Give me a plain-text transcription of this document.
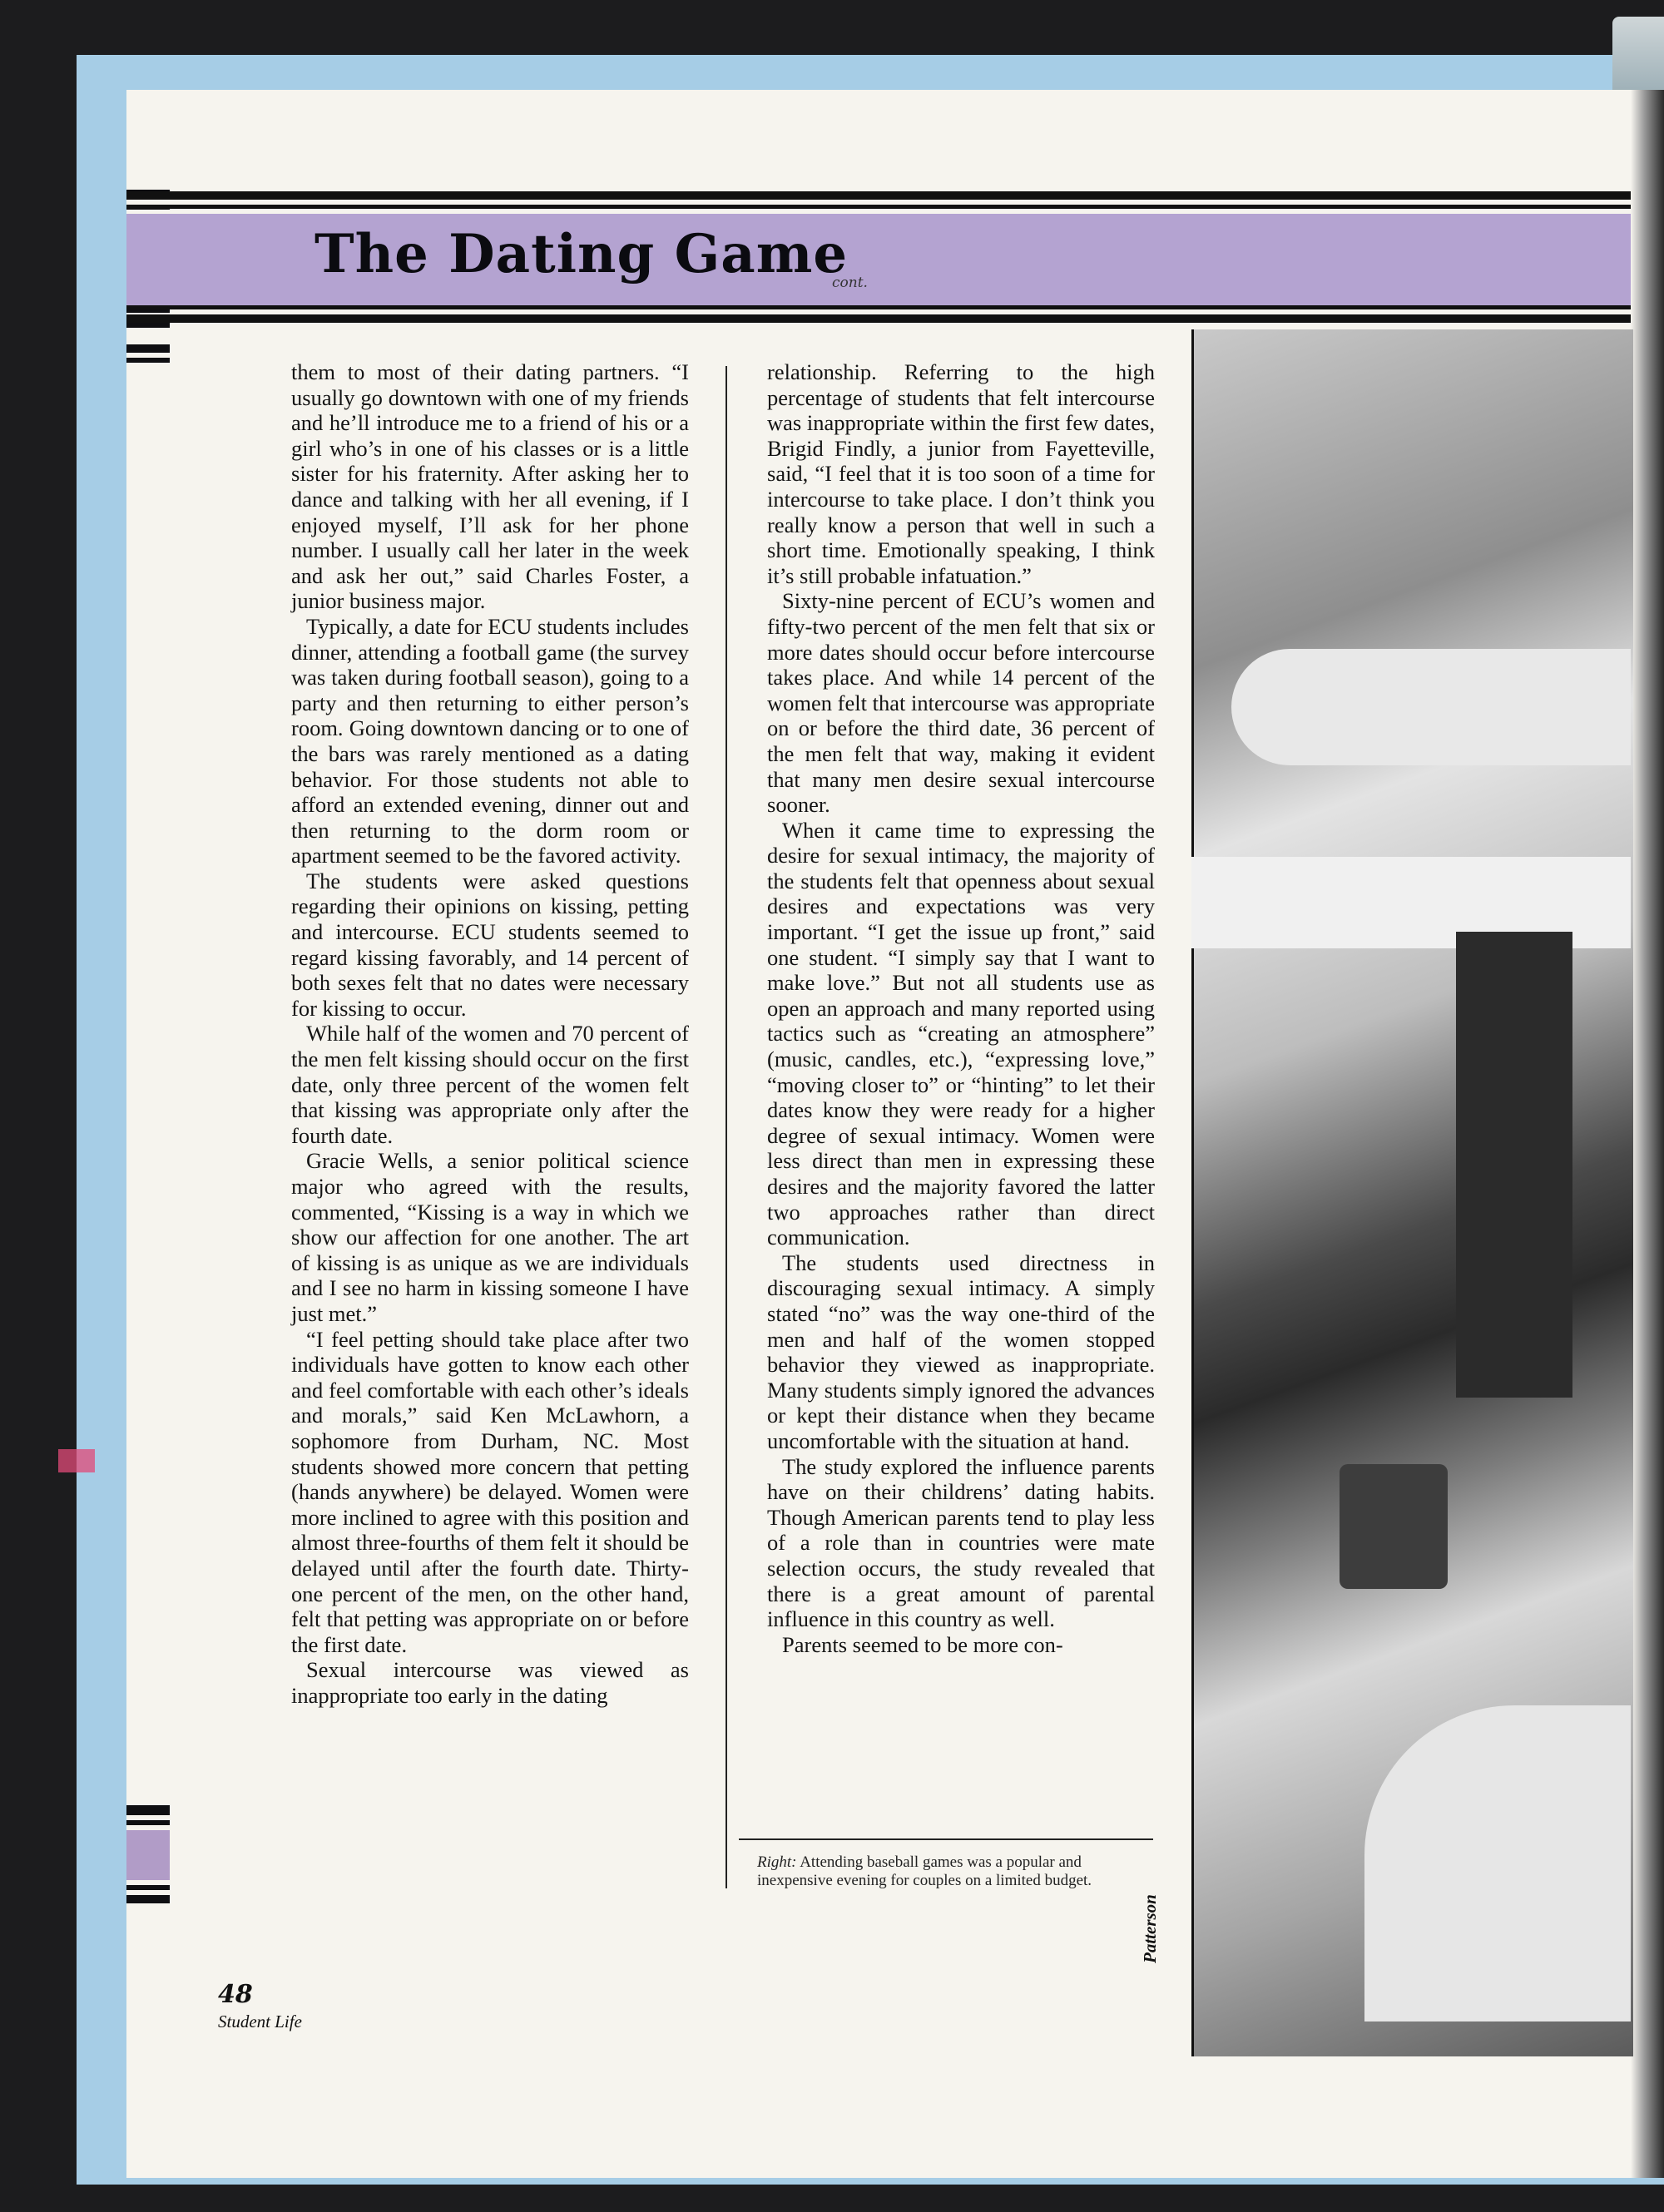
The Dating Game
cont.

them to most of their dating partners. “I usually go downtown with one of my friends and he’ll introduce me to a friend of his or a girl who’s in one of his classes or is a little sister for his fraternity. After asking her to dance and talking with her all evening, if I enjoyed myself, I’ll ask for her phone number. I usually call her later in the week and ask her out,” said Charles Foster, a junior business major.

Typically, a date for ECU students includes dinner, attending a football game (the survey was taken during football season), going to a party and then returning to either person’s room. Going downtown dancing or to one of the bars was rarely mentioned as a dating behavior. For those students not able to afford an extended evening, dinner out and then returning to the dorm room or apartment seemed to be the favored activity.

The students were asked questions regarding their opinions on kissing, petting and intercourse. ECU students seemed to regard kissing favorably, and 14 percent of both sexes felt that no dates were necessary for kissing to occur.

While half of the women and 70 percent of the men felt kissing should occur on the first date, only three percent of the women felt that kissing was appropriate only after the fourth date.

Gracie Wells, a senior political science major who agreed with the results, commented, “Kissing is a way in which we show our affection for one another. The art of kissing is as unique as we are individuals and I see no harm in kissing someone I have just met.”

“I feel petting should take place after two individuals have gotten to know each other and feel comfortable with each other’s ideals and morals,” said Ken McLawhorn, a sophomore from Durham, NC. Most students showed more concern that petting (hands anywhere) be delayed. Women were more inclined to agree with this position and almost three-fourths of them felt it should be delayed until after the fourth date. Thirty-one percent of the men, on the other hand, felt that petting was appropriate on or before the first date.

Sexual intercourse was viewed as inappropriate too early in the dating

relationship. Referring to the high percentage of students that felt intercourse was inappropriate within the first few dates, Brigid Findly, a junior from Fayetteville, said, “I feel that it is too soon of a time for intercourse to take place. I don’t think you really know a person that well in such a short time. Emotionally speaking, I think it’s still probable infatuation.”

Sixty-nine percent of ECU’s women and fifty-two percent of the men felt that six or more dates should occur before intercourse takes place. And while 14 percent of the women felt that intercourse was appropriate on or before the third date, 36 percent of the men felt that way, making it evident that many men desire sexual intercourse sooner.

When it came time to expressing the desire for sexual intimacy, the majority of the students felt that openness about sexual desires and expectations was very important. “I get the issue up front,” said one student. “I simply say that I want to make love.” But not all students use as open an approach and many reported using tactics such as “creating an atmosphere” (music, candles, etc.), “expressing love,” “moving closer to” or “hinting” to let their dates know they were ready for a higher degree of sexual intimacy. Women were less direct than men in expressing these desires and the majority favored the latter two approaches rather than direct communication.

The students used directness in discouraging sexual intimacy. A simply stated “no” was the way one-third of the men and half of the women stopped behavior they viewed as inappropriate. Many students simply ignored the advances or kept their distance when they became uncomfortable with the situation at hand.

The study explored the influence parents have on their childrens’ dating habits. Though American parents tend to play less of a role than in countries were mate selection occurs, the study revealed that there is a great amount of parental influence in this country as well.

Parents seemed to be more con-

Right: Attending baseball games was a popular and inexpensive evening for couples on a limited budget.
Patterson
48
Student Life
